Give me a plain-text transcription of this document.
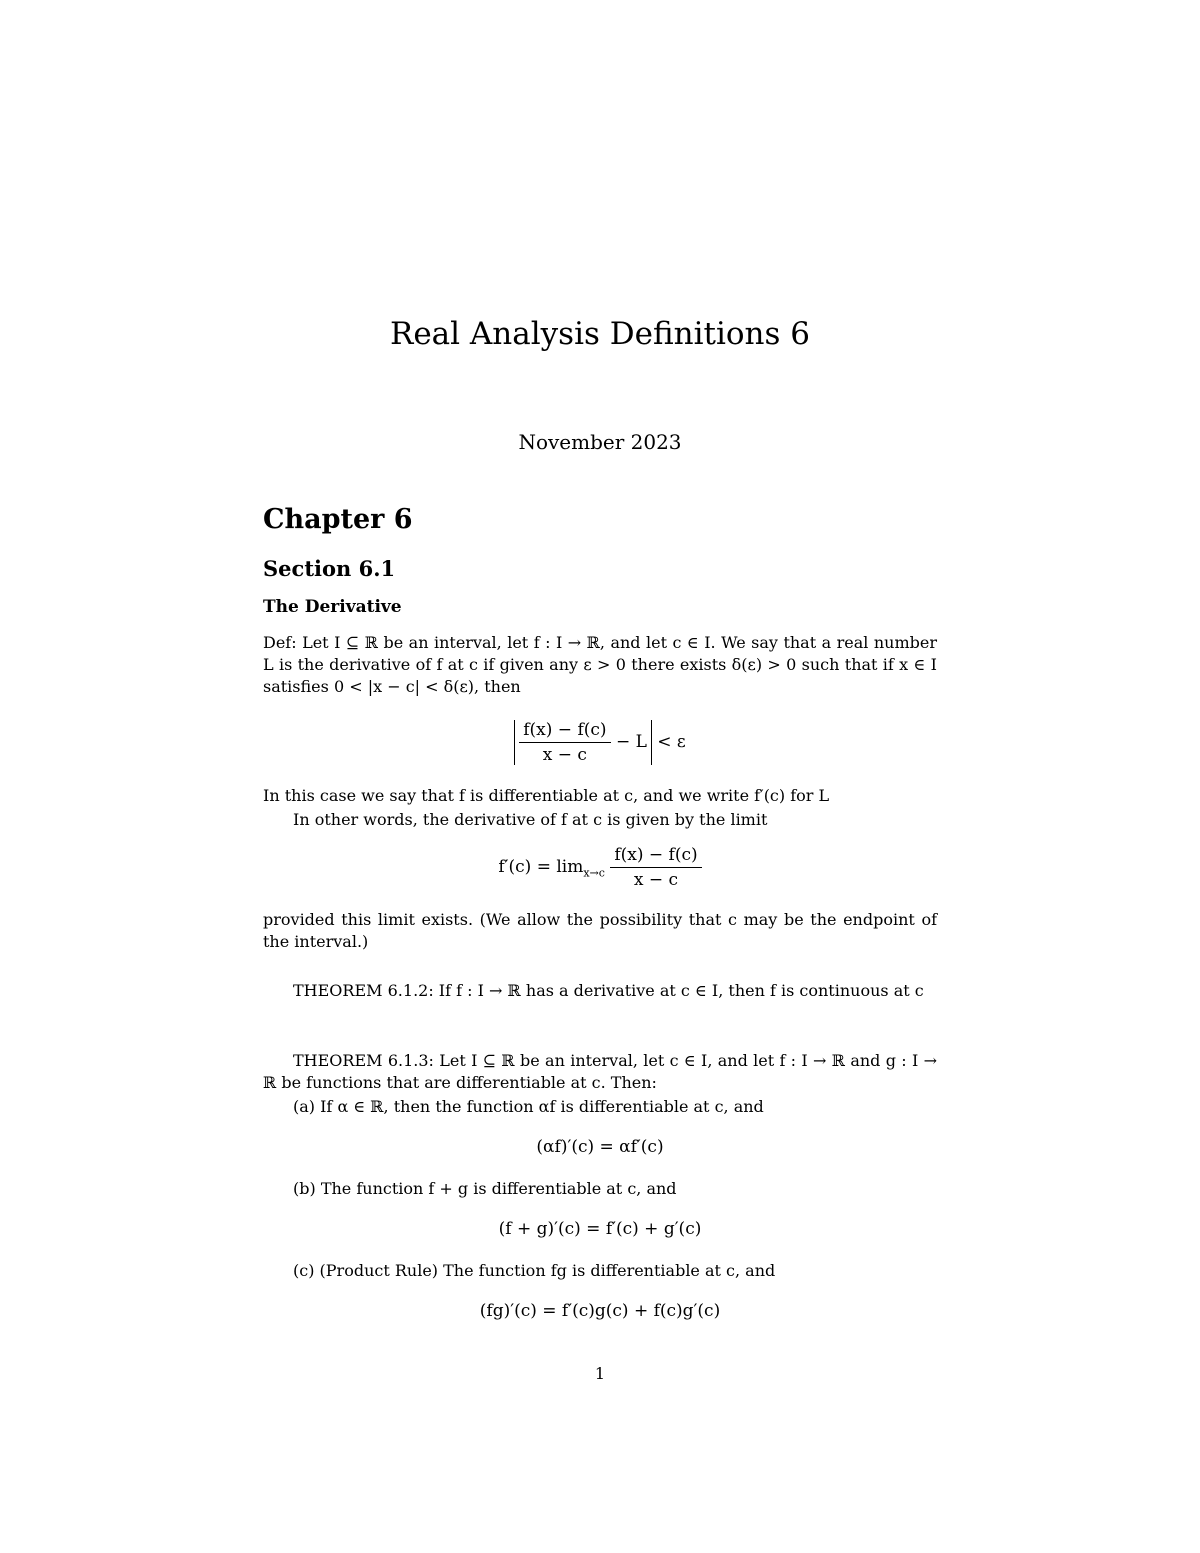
Real Analysis Definitions 6
November 2023
Chapter 6
Section 6.1
The Derivative
Def: Let I ⊆ ℝ be an interval, let f : I → ℝ, and let c ∈ I. We say that a real number L is the derivative of f at c if given any ε > 0 there exists δ(ε) > 0 such that if x ∈ I satisfies 0 < |x − c| < δ(ε), then
$\frac{f(x) - f(c)}{x - c} - L < \varepsilon$
In this case we say that f is differentiable at c, and we write f′(c) for L
In other words, the derivative of f at c is given by the limit
$f'(c) = \lim_{x\to c} \frac{f(x) - f(c)}{x - c}$
provided this limit exists. (We allow the possibility that c may be the endpoint of the interval.)
THEOREM 6.1.2: If f : I → ℝ has a derivative at c ∈ I, then f is continuous at c
THEOREM 6.1.3: Let I ⊆ ℝ be an interval, let c ∈ I, and let f : I → ℝ and g : I → ℝ be functions that are differentiable at c. Then:
(a) If α ∈ ℝ, then the function αf is differentiable at c, and
(αf)′(c) = αf′(c)
(b) The function f + g is differentiable at c, and
(f + g)′(c) = f′(c) + g′(c)
(c) (Product Rule) The function fg is differentiable at c, and
(fg)′(c) = f′(c)g(c) + f(c)g′(c)
1
